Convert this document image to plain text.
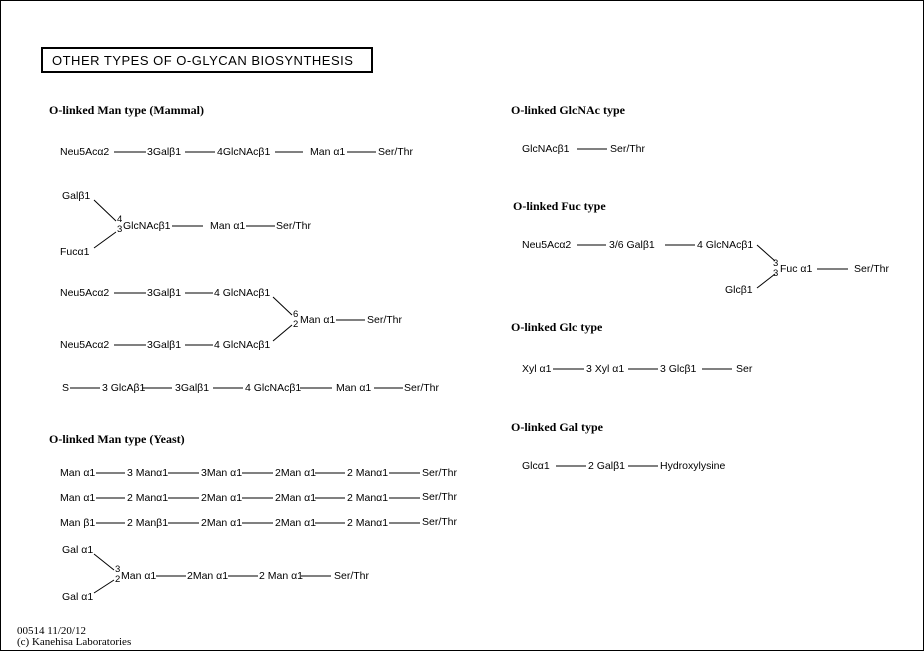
OTHER TYPES OF O-GLYCAN BIOSYNTHESIS
O-linked Man type (Mammal)
O-linked Man type (Yeast)
O-linked GlcNAc type
O-linked Fuc type
O-linked Glc type
O-linked Gal type
Neu5Acα2	3Galβ1	4GlcNAcβ1	Man α1	Ser/Thr
Galβ1
Fucα1
4
3 GlcNAcβ1	Man α1	Ser/Thr
Neu5Acα2	3Galβ1	4 GlcNAcβ1
Neu5Acα2	3Galβ1	4 GlcNAcβ1
6
2 Man α1	Ser/Thr
S	3 GlcAβ1	3Galβ1	4 GlcNAcβ1	Man α1	Ser/Thr
Man α1	3 Manα1	3Man α1	2Man α1	2 Manα1	Ser/Thr
Man α1	2 Manα1	2Man α1	2Man α1	2 Manα1	Ser/Thr
Man β1	2 Manβ1	2Man α1	2Man α1	2 Manα1	Ser/Thr
Gal α1
Gal α1
3
2 Man α1	2Man α1	2 Man α1	Ser/Thr
GlcNAcβ1	Ser/Thr
Neu5Acα2	3/6 Galβ1	4 GlcNAcβ1
Glcβ1
3
3 Fuc α1	Ser/Thr
Xyl α1	3 Xyl α1	3 Glcβ1	Ser
Glcα1	2 Galβ1	Hydroxylysine
00514 11/20/12
(c) Kanehisa Laboratories
